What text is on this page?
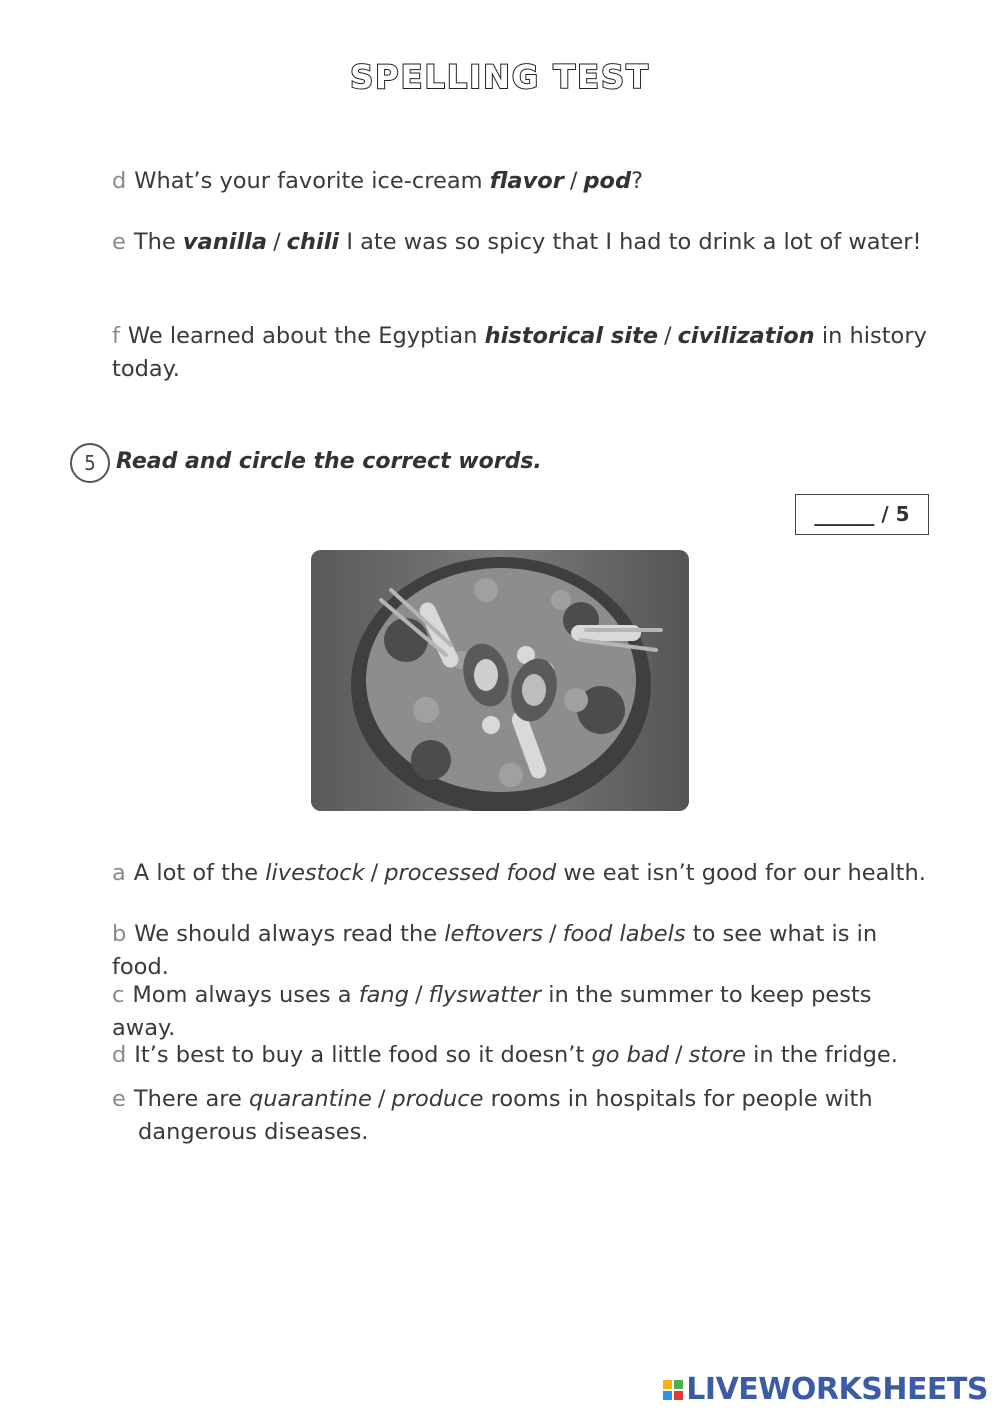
SPELLING TEST
d What’s your favorite ice-cream flavor / pod?
e The vanilla / chili I ate was so spicy that I had to drink a lot of water!
f We learned about the Egyptian historical site / civilization in history today.
5 Read and circle the correct words.
______ / 5
a A lot of the livestock / processed food we eat isn’t good for our health.
b We should always read the leftovers / food labels to see what is in food.
c Mom always uses a fang / flyswatter in the summer to keep pests away.
d It’s best to buy a little food so it doesn’t go bad / store in the fridge.
e There are quarantine / produce rooms in hospitals for people with dangerous diseases.
LIVEWORKSHEETS
